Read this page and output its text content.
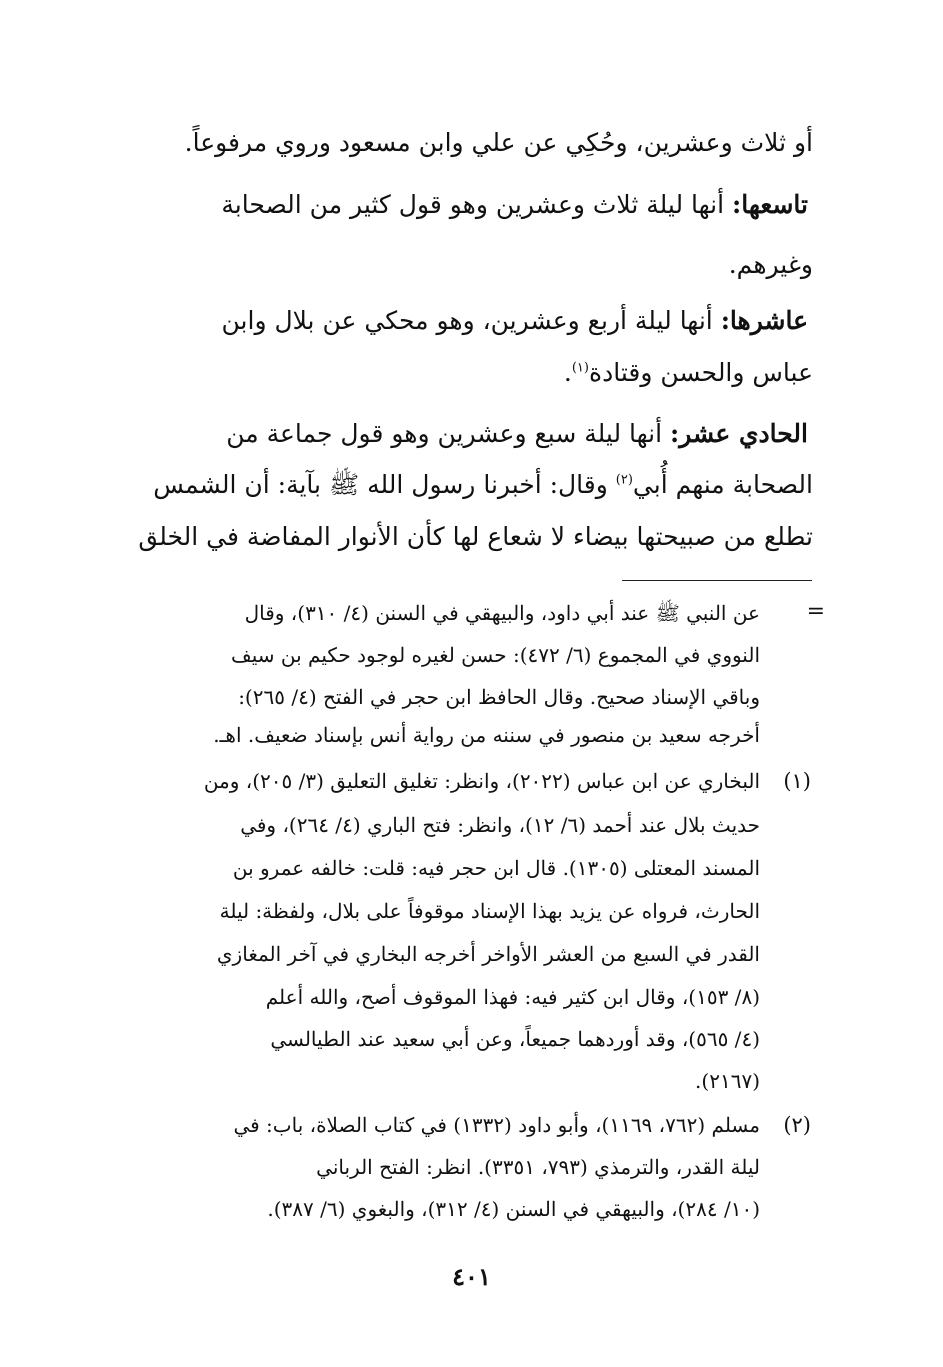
أو ثلاث وعشرين، وحُكِي عن علي وابن مسعود وروي مرفوعاً.
تاسعها: أنها ليلة ثلاث وعشرين وهو قول كثير من الصحابة
وغيرهم.
عاشرها: أنها ليلة أربع وعشرين، وهو محكي عن بلال وابن
عباس والحسن وقتادة$^{(١)}$.
الحادي عشر: أنها ليلة سبع وعشرين وهو قول جماعة من
الصحابة منهم أُبي$^{(٢)}$ وقال: أخبرنا رسول الله ﷺ بآية: أن الشمس
تطلع من صبيحتها بيضاء لا شعاع لها كأن الأنوار المفاضة في الخلق
=
عن النبي ﷺ عند أبي داود، والبيهقي في السنن (٤/ ٣١٠)، وقال
النووي في المجموع (٦/ ٤٧٢): حسن لغيره لوجود حكيم بن سيف
وباقي الإسناد صحيح. وقال الحافظ ابن حجر في الفتح (٤/ ٢٦٥):
أخرجه سعيد بن منصور في سننه من رواية أنس بإسناد ضعيف. اهـ.
(١)
البخاري عن ابن عباس (٢٠٢٢)، وانظر: تغليق التعليق (٣/ ٢٠٥)، ومن
حديث بلال عند أحمد (٦/ ١٢)، وانظر: فتح الباري (٤/ ٢٦٤)، وفي
المسند المعتلى (١٣٠٥). قال ابن حجر فيه: قلت: خالفه عمرو بن
الحارث، فرواه عن يزيد بهذا الإسناد موقوفاً على بلال، ولفظة: ليلة
القدر في السبع من العشر الأواخر أخرجه البخاري في آخر المغازي
(٨/ ١٥٣)، وقال ابن كثير فيه: فهذا الموقوف أصح، والله أعلم
(٤/ ٥٦٥)، وقد أوردهما جميعاً، وعن أبي سعيد عند الطيالسي
(٢١٦٧).
(٢)
مسلم (٧٦٢، ١١٦٩)، وأبو داود (١٣٣٢) في كتاب الصلاة، باب: في
ليلة القدر، والترمذي (٧٩٣، ٣٣٥١). انظر: الفتح الرباني
(١٠/ ٢٨٤)، والبيهقي في السنن (٤/ ٣١٢)، والبغوي (٦/ ٣٨٧).
٤٠١
